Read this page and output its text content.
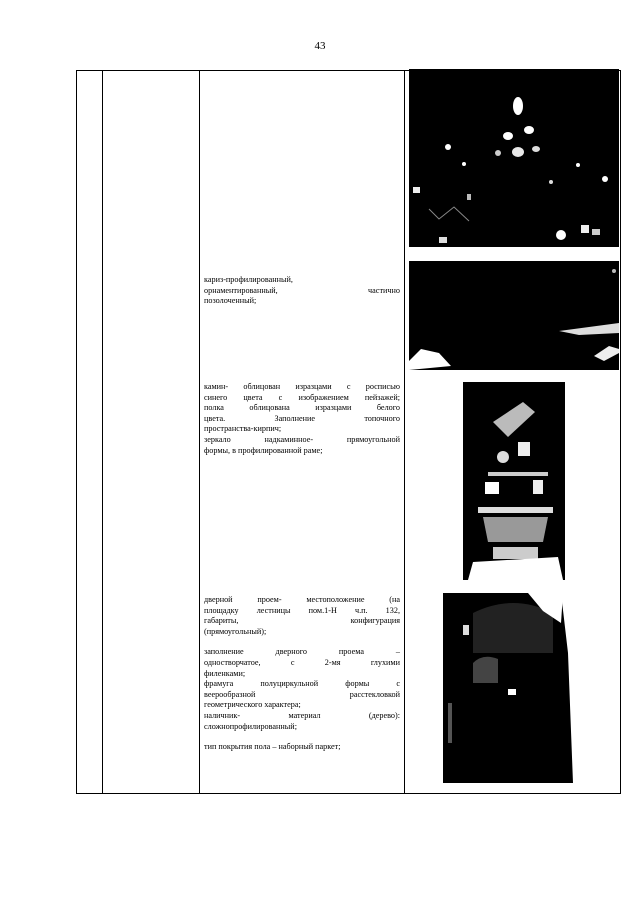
43

кариз-профилированный,

орнаментированный, частично

позолоченный;

камин- облицован изразцами с росписью

синего цвета с изображением пейзажей;

полка облицована изразцами белого

цвета. Заполнение топочного

пространства-кирпич;

зеркало надкаминное- прямоугольной

формы, в профилированной раме;

дверной проем- местоположение (на

площадку лестницы пом.1-Н ч.п. 132,

габариты, конфигурация

(прямоугольный);

заполнение дверного проема –

одностворчатое, с 2-мя глухими

филенками;

фрамуга полуциркульной формы с

веерообразной расстекловкой

геометрического характера;

наличник- материал (дерево):

сложнопрофилированный;

тип покрытия пола – наборный паркет;
